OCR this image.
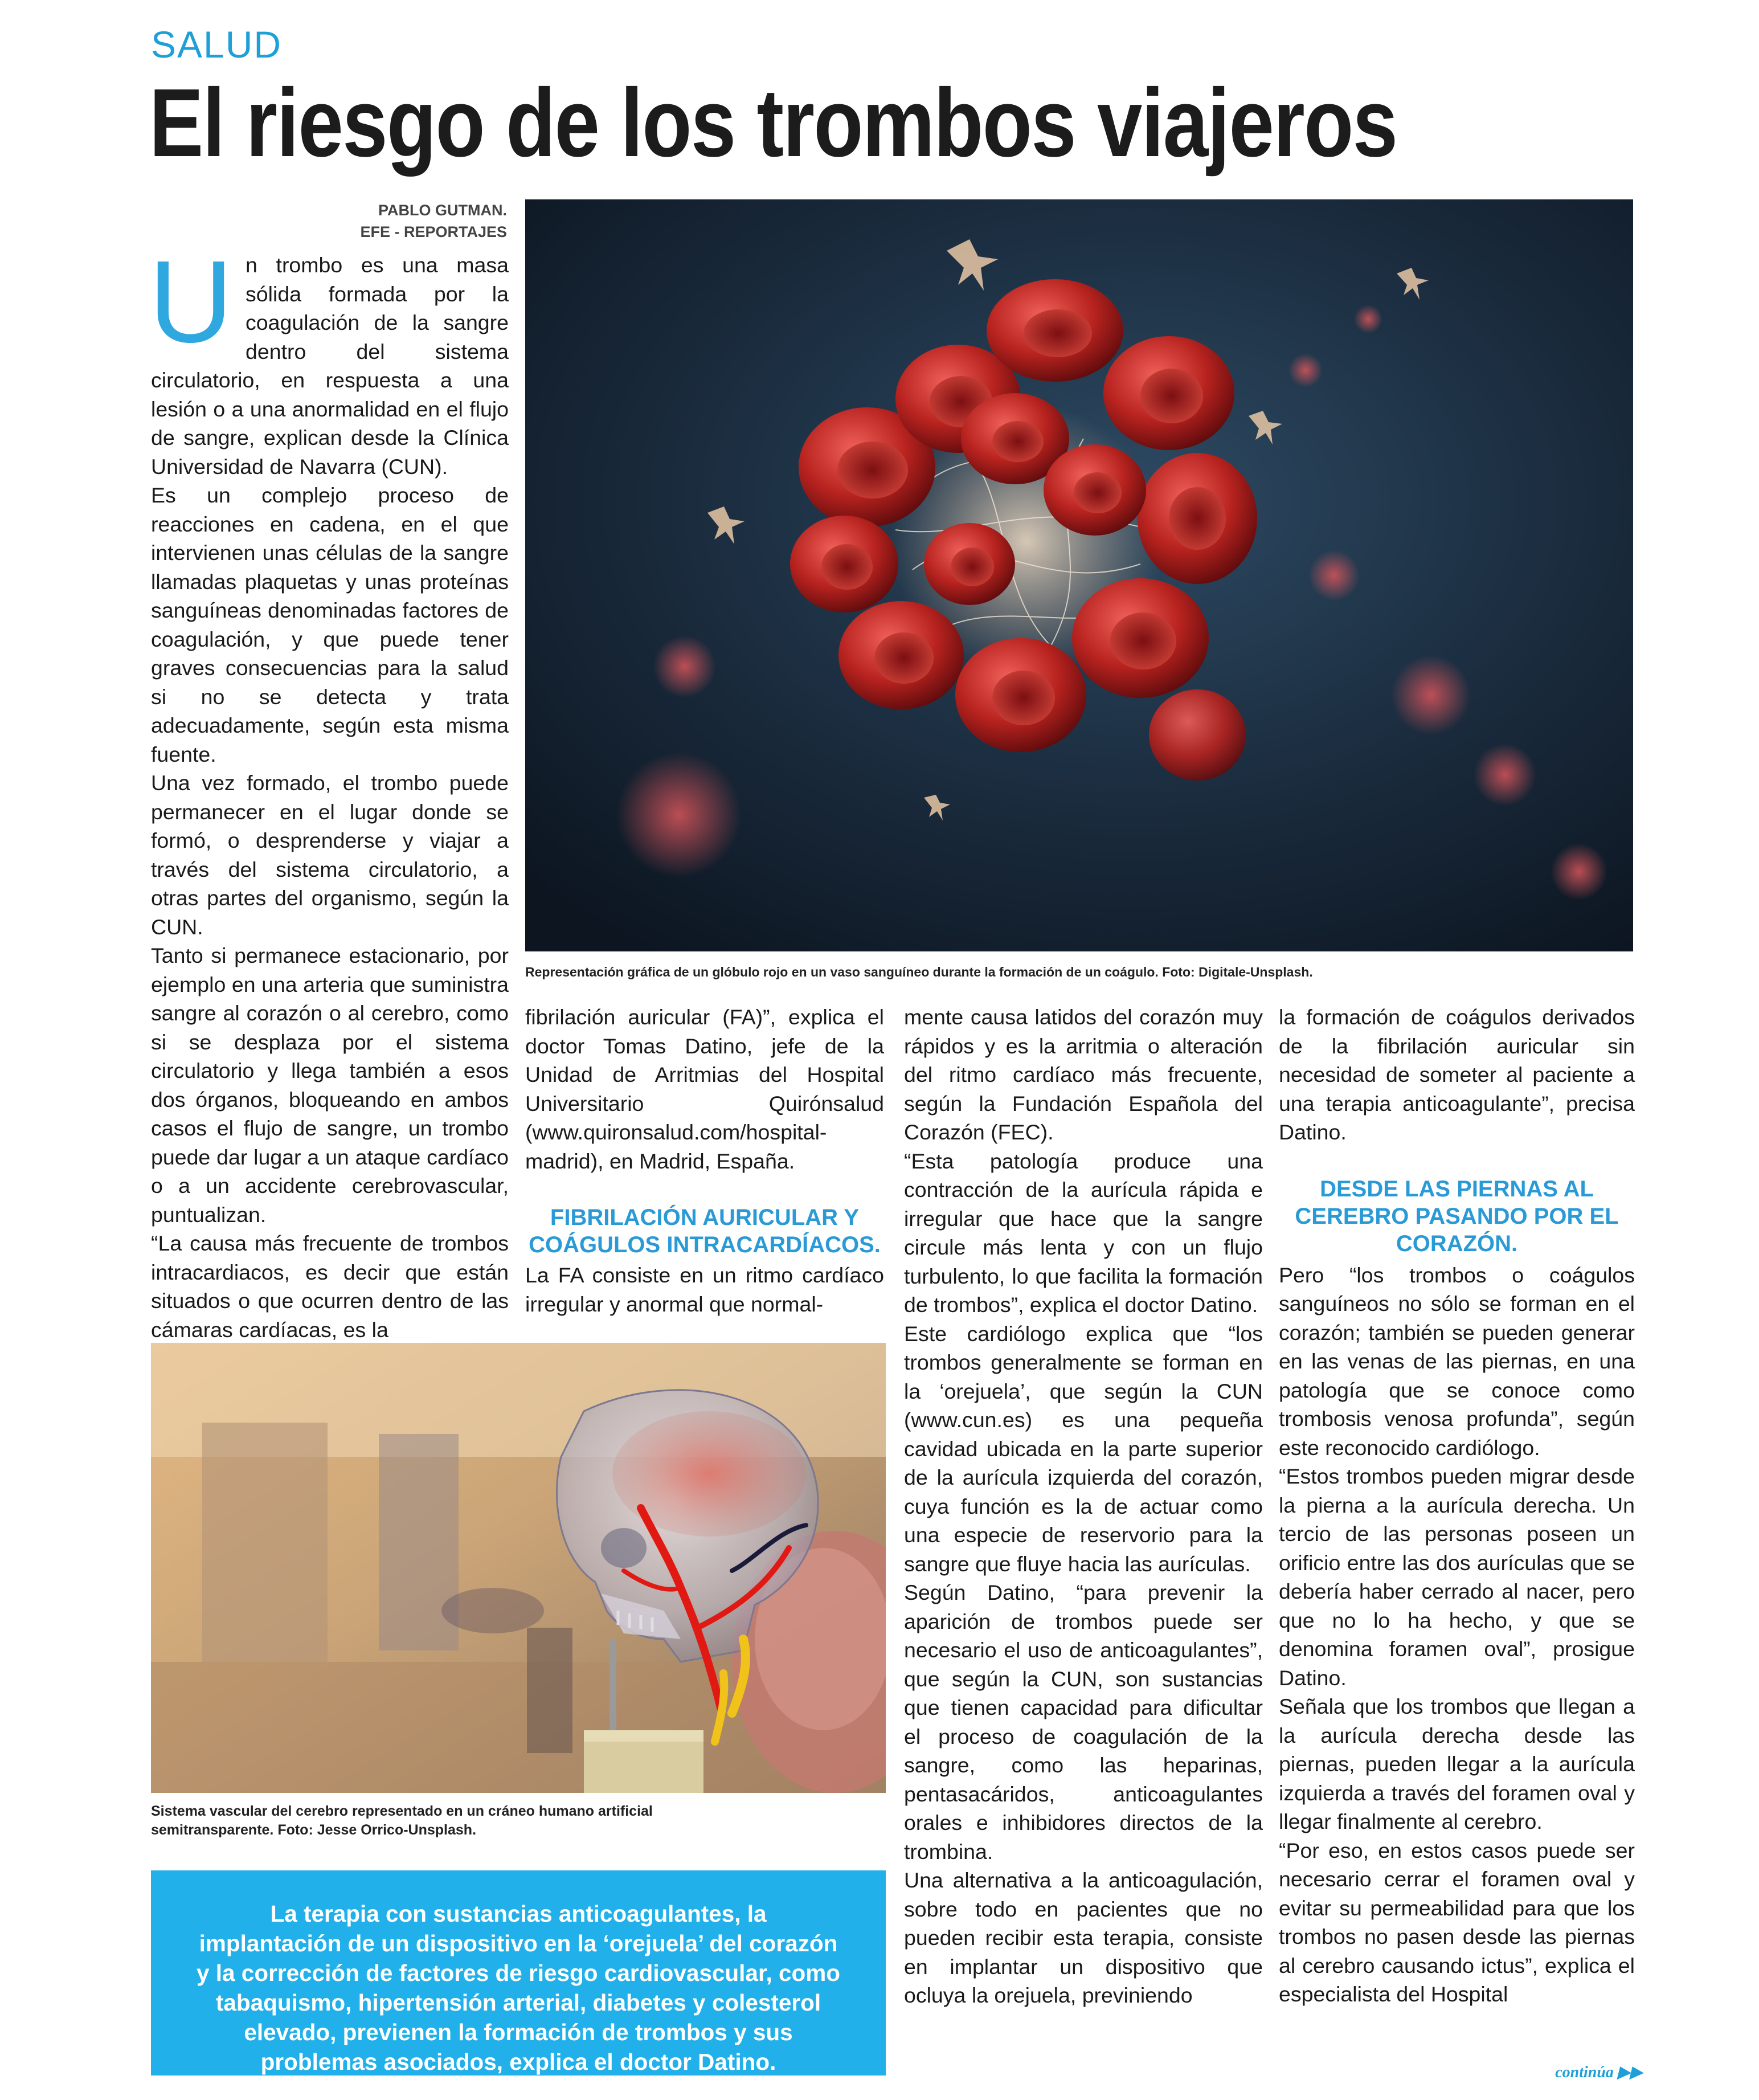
SALUD
El riesgo de los trombos viajeros
PABLO GUTMAN.
EFE - REPORTAJES
Representación gráfica de un glóbulo rojo en un vaso sanguíneo durante la formación de un coágulo. Foto: Digitale-Unsplash.
U n trombo es una masa sólida formada por la coagulación de la sangre dentro del sistema circulatorio, en respuesta a una lesión o a una anormalidad en el flujo de sangre, explican desde la Clínica Universidad de Navarra (CUN).

Es un complejo proceso de reacciones en cadena, en el que intervienen unas células de la sangre llamadas plaquetas y unas proteínas sanguíneas denominadas factores de coagulación, y que puede tener graves consecuencias para la salud si no se detecta y trata adecuadamente, según esta misma fuente.

Una vez formado, el trombo puede permanecer en el lugar donde se formó, o desprenderse y viajar a través del sistema circulatorio, a otras partes del organismo, según la CUN.

Tanto si permanece estacionario, por ejemplo en una arteria que suministra sangre al corazón o al cerebro, como si se desplaza por el sistema circulatorio y llega también a esos dos órganos, bloqueando en ambos casos el flujo de sangre, un trombo puede dar lugar a un ataque cardíaco o a un accidente cerebrovascular, puntualizan.

“La causa más frecuente de trombos intracardiacos, es decir que están situados o que ocurren dentro de las cámaras cardíacas, es la

fibrilación auricular (FA)”, explica el doctor Tomas Datino, jefe de la Unidad de Arritmias del Hospital Universitario Quirónsalud (www.quironsalud.com/hospital-madrid), en Madrid, España.

FIBRILACIÓN AURICULAR Y COÁGULOS INTRACARDÍACOS.

La FA consiste en un ritmo cardíaco irregular y anormal que normal-

Sistema vascular del cerebro representado en un cráneo humano artificial semitransparente. Foto: Jesse Orrico-Unsplash.
La terapia con sustancias anticoagulantes, la implantación de un dispositivo en la ‘orejuela’ del corazón y la corrección de factores de riesgo cardiovascular, como tabaquismo, hipertensión arterial, diabetes y colesterol elevado, previenen la formación de trombos y sus problemas asociados, explica el doctor Datino.

mente causa latidos del corazón muy rápidos y es la arritmia o alteración del ritmo cardíaco más frecuente, según la Fundación Española del Corazón (FEC).

“Esta patología produce una contracción de la aurícula rápida e irregular que hace que la sangre circule más lenta y con un flujo turbulento, lo que facilita la formación de trombos”, explica el doctor Datino.

Este cardiólogo explica que “los trombos generalmente se forman en la ‘orejuela’, que según la CUN (www.cun.es) es una pequeña cavidad ubicada en la parte superior de la aurícula izquierda del corazón, cuya función es la de actuar como una especie de reservorio para la sangre que fluye hacia las aurículas.

Según Datino, “para prevenir la aparición de trombos puede ser necesario el uso de anticoagulantes”, que según la CUN, son sustancias que tienen capacidad para dificultar el proceso de coagulación de la sangre, como las heparinas, pentasacáridos, anticoagulantes orales e inhibidores directos de la trombina.

Una alternativa a la anticoagulación, sobre todo en pacientes que no pueden recibir esta terapia, consiste en implantar un dispositivo que ocluya la orejuela, previniendo

la formación de coágulos derivados de la fibrilación auricular sin necesidad de someter al paciente a una terapia anticoagulante”, precisa Datino.

DESDE LAS PIERNAS AL CEREBRO PASANDO POR EL CORAZÓN.

Pero “los trombos o coágulos sanguíneos no sólo se forman en el corazón; también se pueden generar en las venas de las piernas, en una patología que se conoce como trombosis venosa profunda”, según este reconocido cardiólogo.

“Estos trombos pueden migrar desde la pierna a la aurícula derecha. Un tercio de las personas poseen un orificio entre las dos aurículas que se debería haber cerrado al nacer, pero que no lo ha hecho, y que se denomina foramen oval”, prosigue Datino.

Señala que los trombos que llegan a la aurícula derecha desde las piernas, pueden llegar a la aurícula izquierda a través del foramen oval y llegar finalmente al cerebro.

“Por eso, en estos casos puede ser necesario cerrar el foramen oval y evitar su permeabilidad para que los trombos no pasen desde las piernas al cerebro causando ictus”, explica el especialista del Hospital

continúa ▶▶
